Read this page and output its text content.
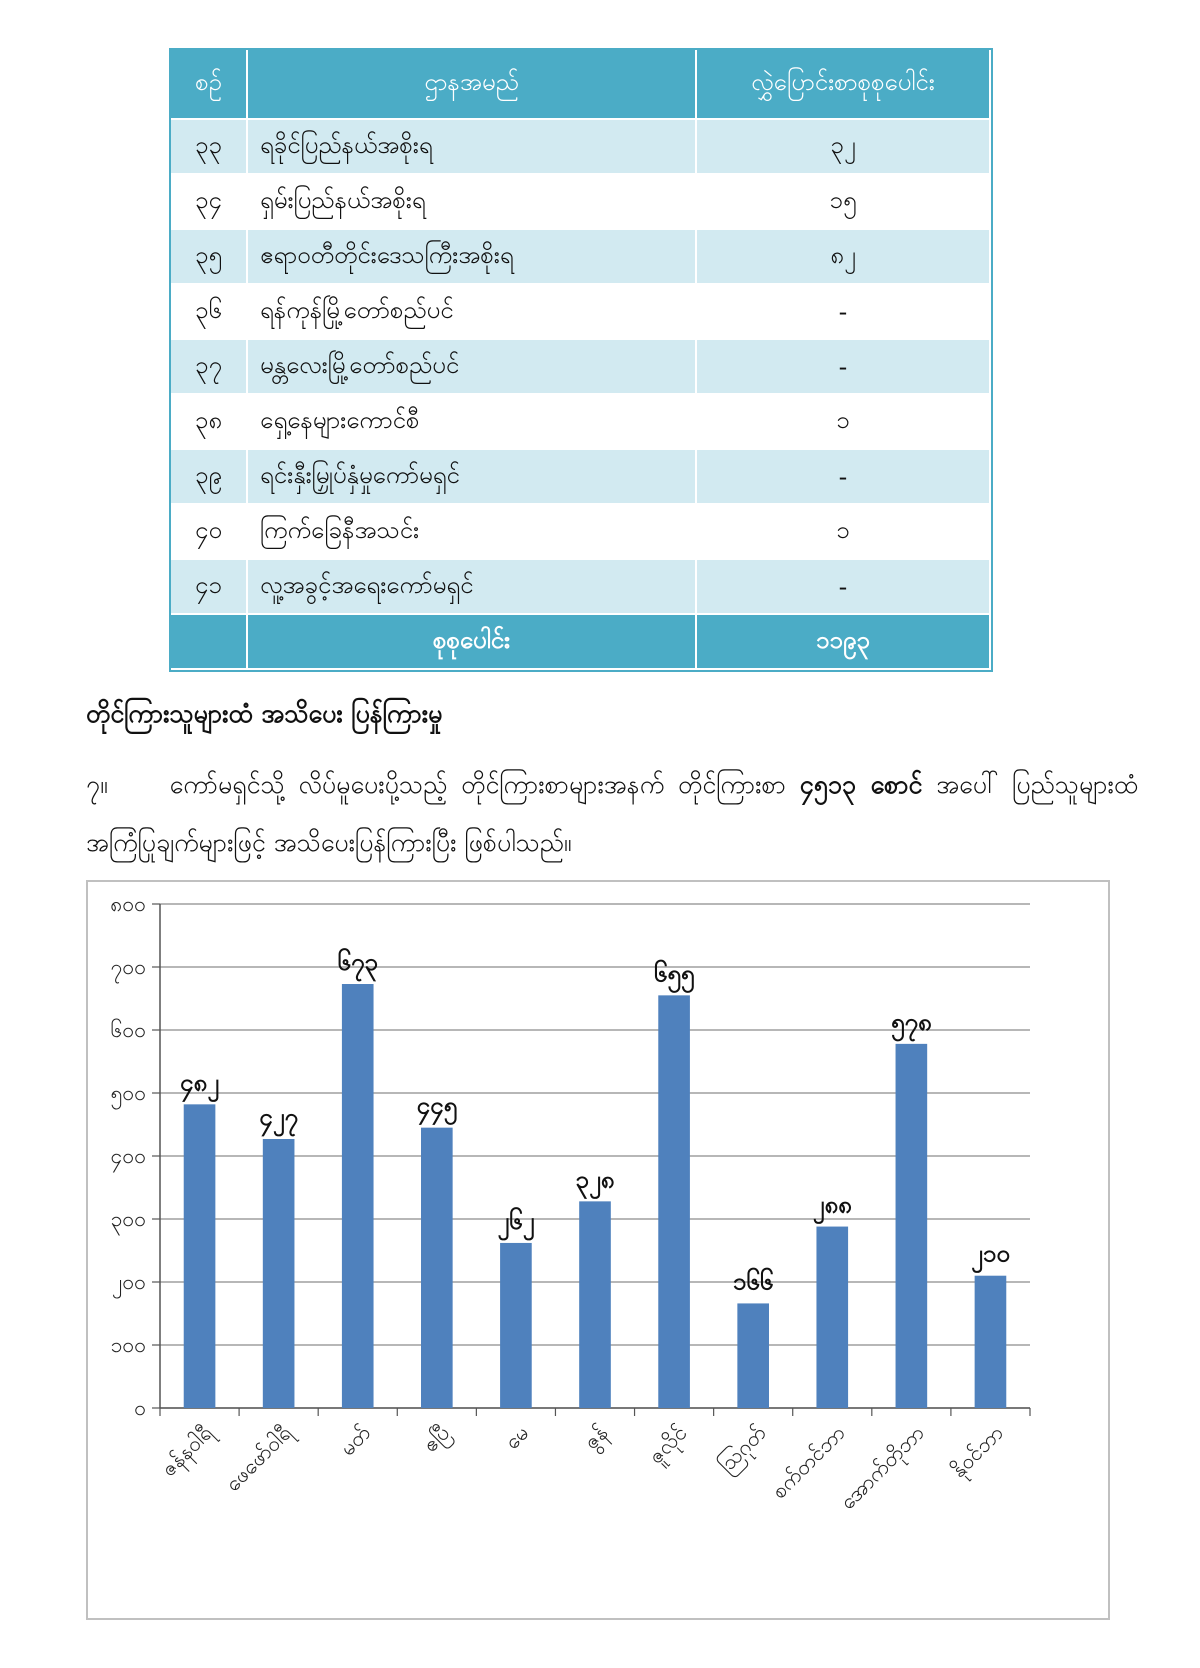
စဉ်	ဌာနအမည်	လွှဲပြောင်းစာစုစုပေါင်း
၃၃	ရခိုင်ပြည်နယ်အစိုးရ	၃၂
၃၄	ရှမ်းပြည်နယ်အစိုးရ	၁၅
၃၅	ဧရာဝတီတိုင်းဒေသကြီးအစိုးရ	၈၂
၃၆	ရန်ကုန်မြို့တော်စည်ပင်	-
၃၇	မန္တလေးမြို့တော်စည်ပင်	-
၃၈	ရှေ့နေများကောင်စီ	၁
၃၉	ရင်းနှီးမြှုပ်နှံမှုကော်မရှင်	-
၄၀	ကြက်ခြေနီအသင်း	၁
၄၁	လူ့အခွင့်အရေးကော်မရှင်	-
	စုစုပေါင်း	၁၁၉၃
တိုင်ကြားသူများထံ အသိပေး ပြန်ကြားမှု

၇။ ကော်မရှင်သို့ လိပ်မူပေးပို့သည့် တိုင်ကြားစာများအနက် တိုင်ကြားစာ ၄၅၁၃ စောင် အပေါ် ပြည်သူများထံ အကြံပြုချက်များဖြင့် အသိပေးပြန်ကြားပြီး ဖြစ်ပါသည်။

၀
၁၀၀
၂၀၀
၃၀၀
၄၀၀
၅၀၀
၆၀၀
၇၀၀
၈၀၀
၄၈၂
ဇန်နဝါရီ
၄၂၇
ဖေဖော်ဝါရီ
၆၇၃
မတ်
၄၄၅
ဧပြီ
၂၆၂
မေ
၃၂၈
ဇွန်
၆၅၅
ဇူလိုင်
၁၆၆
ဩဂုတ်
၂၈၈
စက်တင်ဘာ
၅၇၈
အောက်တိုဘာ
၂၁၀
နိုဝင်ဘာ
